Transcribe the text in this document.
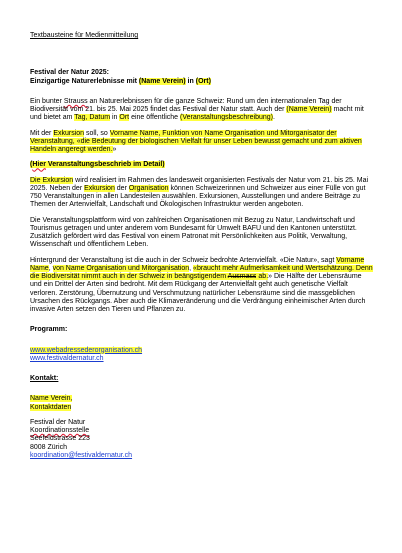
Textbausteine für Medienmitteilung

Festival der Natur 2025:

Einzigartige Naturerlebnisse mit (Name Verein) in (Ort)

Ein bunter Strauss an Naturerlebnissen für die ganze Schweiz: Rund um den internationalen Tag der Biodiversität vom 21. bis 25. Mai 2025 findet das Festival der Natur statt. Auch der (Name Verein) macht mit und bietet am Tag, Datum in Ort eine öffentliche (Veranstaltungsbeschreibung).

Mit der Exkursion soll, so Vorname Name, Funktion von Name Organisation und Mitorganisator der Veranstaltung, «die Bedeutung der biologischen Vielfalt für unser Leben bewusst gemacht und zum aktiven Handeln angeregt werden.»

(Hier Veranstaltungsbeschrieb im Detail)

Die Exkursion wird realisiert im Rahmen des landesweit organisierten Festivals der Natur vom 21. bis 25. Mai 2025. Neben der Exkursion der Organisation können Schweizerinnen und Schweizer aus einer Fülle von gut 750 Veranstaltungen in allen Landesteilen auswählen. Exkursionen, Ausstellungen und andere Beiträge zu Themen der Artenvielfalt, Landschaft und Ökologischen Infrastruktur werden angeboten.

Die Veranstaltungsplattform wird von zahlreichen Organisationen mit Bezug zu Natur, Landwirtschaft und Tourismus getragen und unter anderem vom Bundesamt für Umwelt BAFU und den Kantonen unterstützt. Zusätzlich gefördert wird das Festival von einem Patronat mit Persönlichkeiten aus Politik, Verwaltung, Wissenschaft und öffentlichem Leben.

Hintergrund der Veranstaltung ist die auch in der Schweiz bedrohte Artenvielfalt. «Die Natur», sagt Vorname Name, von Name Organisation und Mitorganisation, «braucht mehr Aufmerksamkeit und Wertschätzung. Denn die Biodiversität nimmt auch in der Schweiz in beängstigendem Ausmass ab.» Die Hälfte der Lebensräume und ein Drittel der Arten sind bedroht. Mit dem Rückgang der Artenvielfalt geht auch genetische Vielfalt verloren. Zerstörung, Übernutzung und Verschmutzung natürlicher Lebensräume sind die massgeblichen Ursachen des Rückgangs. Aber auch die Klimaveränderung und die Verdrängung einheimischer Arten durch invasive Arten setzen den Tieren und Pflanzen zu.

Programm:

www.webadressederorganisation.ch

www.festivaldernatur.ch

Kontakt:

Name Verein,

Kontaktdaten

Festival der Natur

Koordinationsstelle

Seefeldstrasse 223

8008 Zürich

koordination@festivaldernatur.ch
